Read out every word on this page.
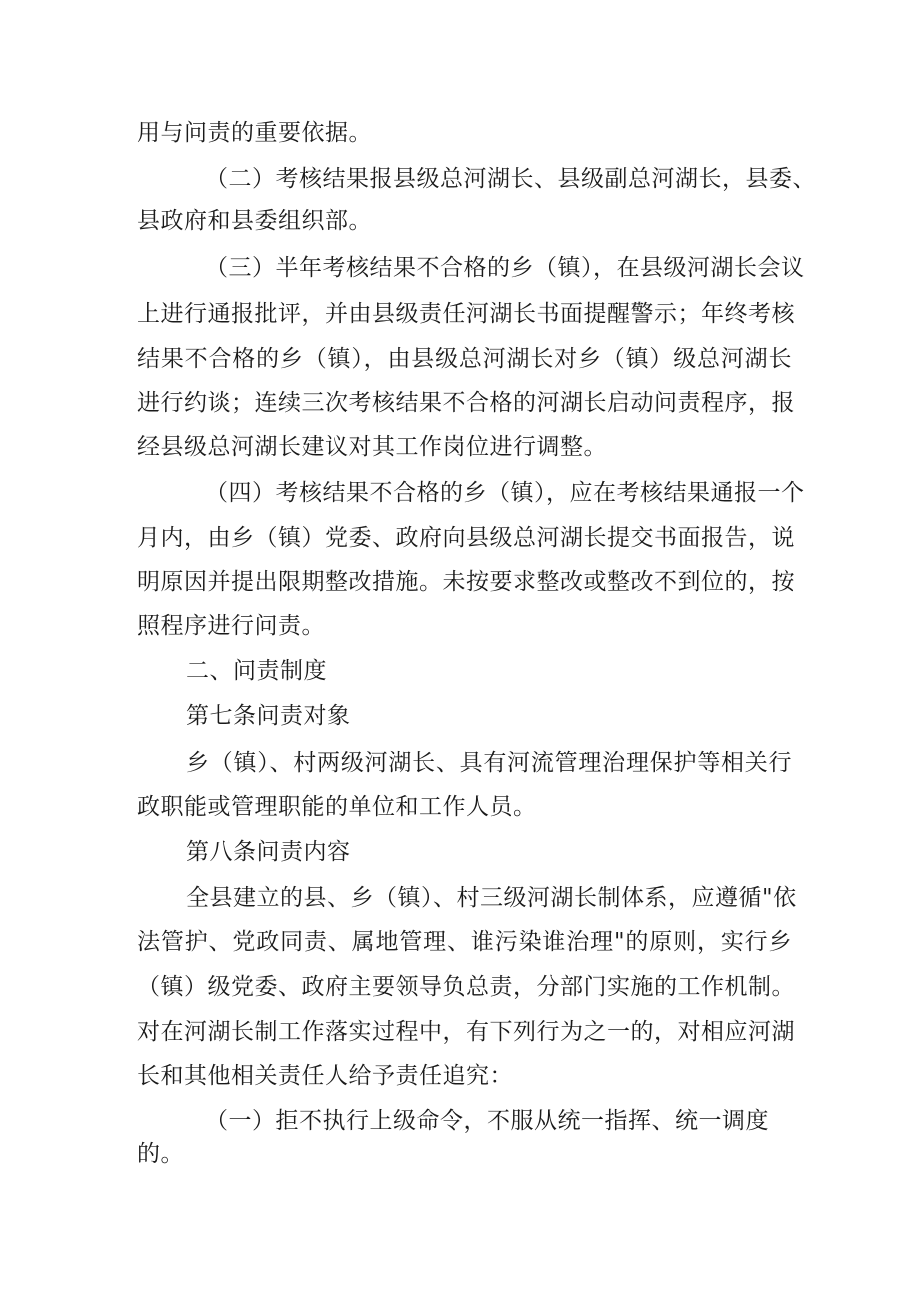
用与问责的重要依据。
（二）考核结果报县级总河湖长、县级副总河湖长，县委、
县政府和县委组织部。
（三）半年考核结果不合格的乡（镇），在县级河湖长会议
上进行通报批评，并由县级责任河湖长书面提醒警示；年终考核
结果不合格的乡（镇），由县级总河湖长对乡（镇）级总河湖长
进行约谈；连续三次考核结果不合格的河湖长启动问责程序，报
经县级总河湖长建议对其工作岗位进行调整。
（四）考核结果不合格的乡（镇），应在考核结果通报一个
月内，由乡（镇）党委、政府向县级总河湖长提交书面报告，说
明原因并提出限期整改措施。未按要求整改或整改不到位的，按
照程序进行问责。
二、问责制度
第七条问责对象
乡（镇）、村两级河湖长、具有河流管理治理保护等相关行
政职能或管理职能的单位和工作人员。
第八条问责内容
全县建立的县、乡（镇）、村三级河湖长制体系，应遵循"依
法管护、党政同责、属地管理、谁污染谁治理"的原则，实行乡
（镇）级党委、政府主要领导负总责，分部门实施的工作机制。
对在河湖长制工作落实过程中，有下列行为之一的，对相应河湖
长和其他相关责任人给予责任追究：
（一）拒不执行上级命令，不服从统一指挥、统一调度
的。
